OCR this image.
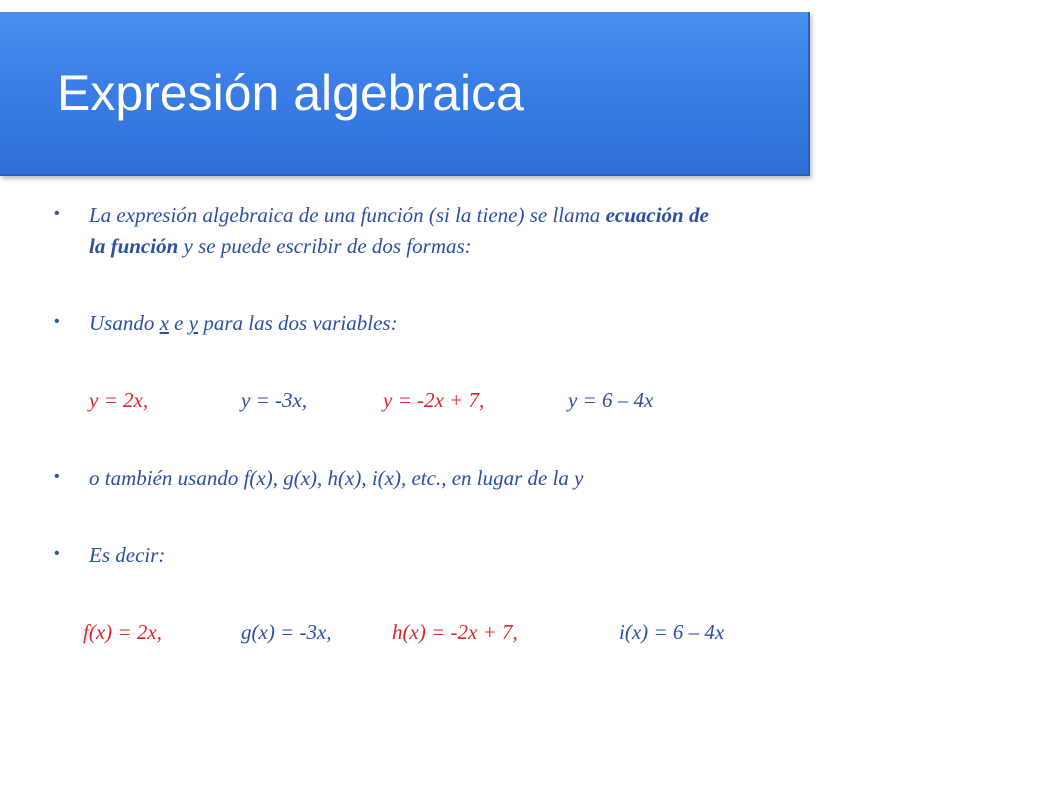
Expresión algebraica
• La expresión algebraica de una función (si la tiene) se llama ecuación de
la función y se puede escribir de dos formas:
• Usando x e y para las dos variables:
y = 2x,	y = -3x,	y = -2x + 7,	y = 6 – 4x
• o también usando f(x), g(x), h(x), i(x), etc., en lugar de la y
• Es decir:
f(x) = 2x,	g(x) = -3x,	h(x) = -2x + 7,	i(x) = 6 – 4x
